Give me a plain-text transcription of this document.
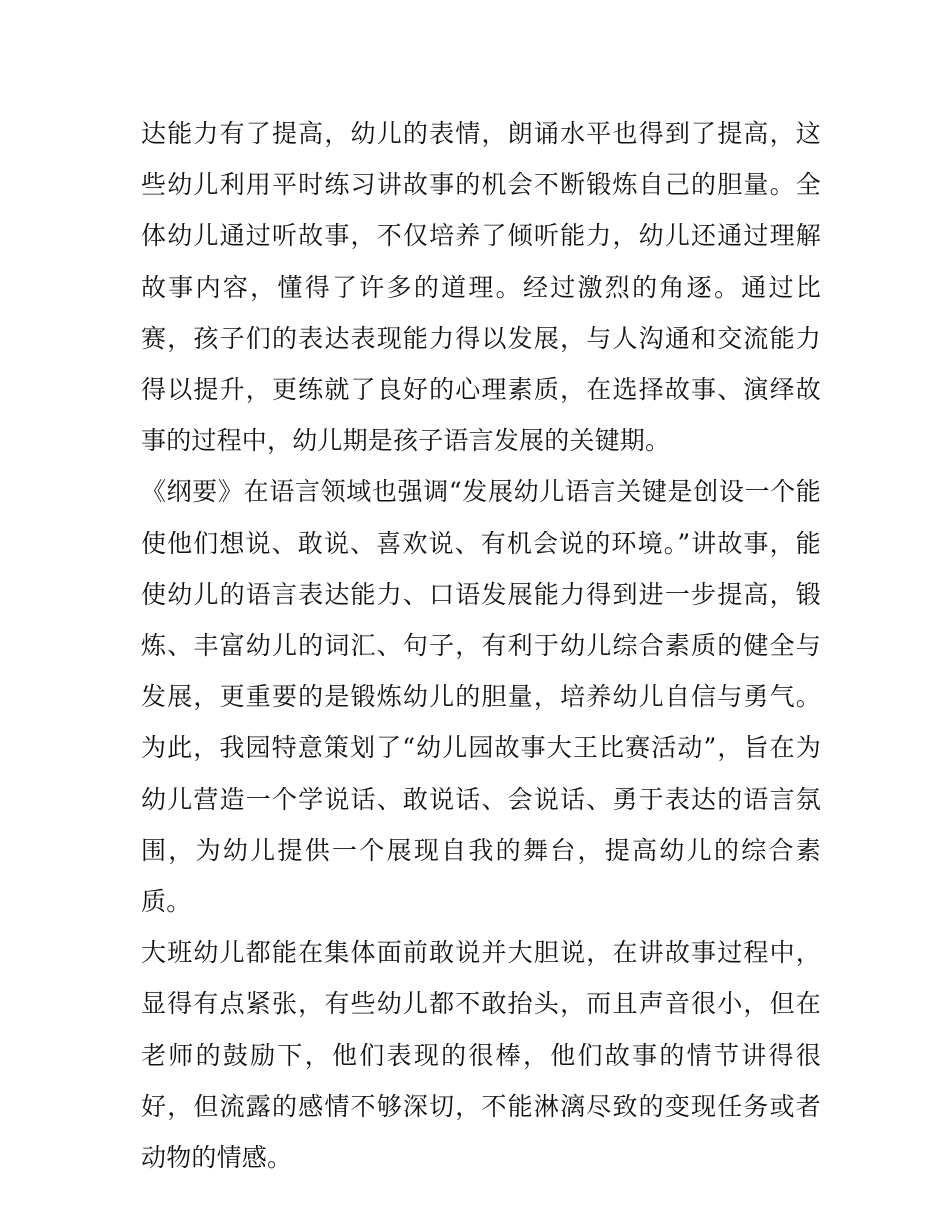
达能力有了提高，幼儿的表情，朗诵水平也得到了提高，这些幼儿利用平时练习讲故事的机会不断锻炼自己的胆量。全体幼儿通过听故事，不仅培养了倾听能力，幼儿还通过理解故事内容，懂得了许多的道理。经过激烈的角逐。通过比赛，孩子们的表达表现能力得以发展，与人沟通和交流能力得以提升，更练就了良好的心理素质，在选择故事、演绎故事的过程中，幼儿期是孩子语言发展的关键期。

《纲要》在语言领域也强调“发展幼儿语言关键是创设一个能使他们想说、敢说、喜欢说、有机会说的环境。”讲故事，能使幼儿的语言表达能力、口语发展能力得到进一步提高，锻炼、丰富幼儿的词汇、句子，有利于幼儿综合素质的健全与发展，更重要的是锻炼幼儿的胆量，培养幼儿自信与勇气。为此，我园特意策划了“幼儿园故事大王比赛活动”，旨在为幼儿营造一个学说话、敢说话、会说话、勇于表达的语言氛围，为幼儿提供一个展现自我的舞台，提高幼儿的综合素质。

大班幼儿都能在集体面前敢说并大胆说，在讲故事过程中，显得有点紧张，有些幼儿都不敢抬头，而且声音很小，但在老师的鼓励下，他们表现的很棒，他们故事的情节讲得很好，但流露的感情不够深切，不能淋漓尽致的变现任务或者动物的情感。
